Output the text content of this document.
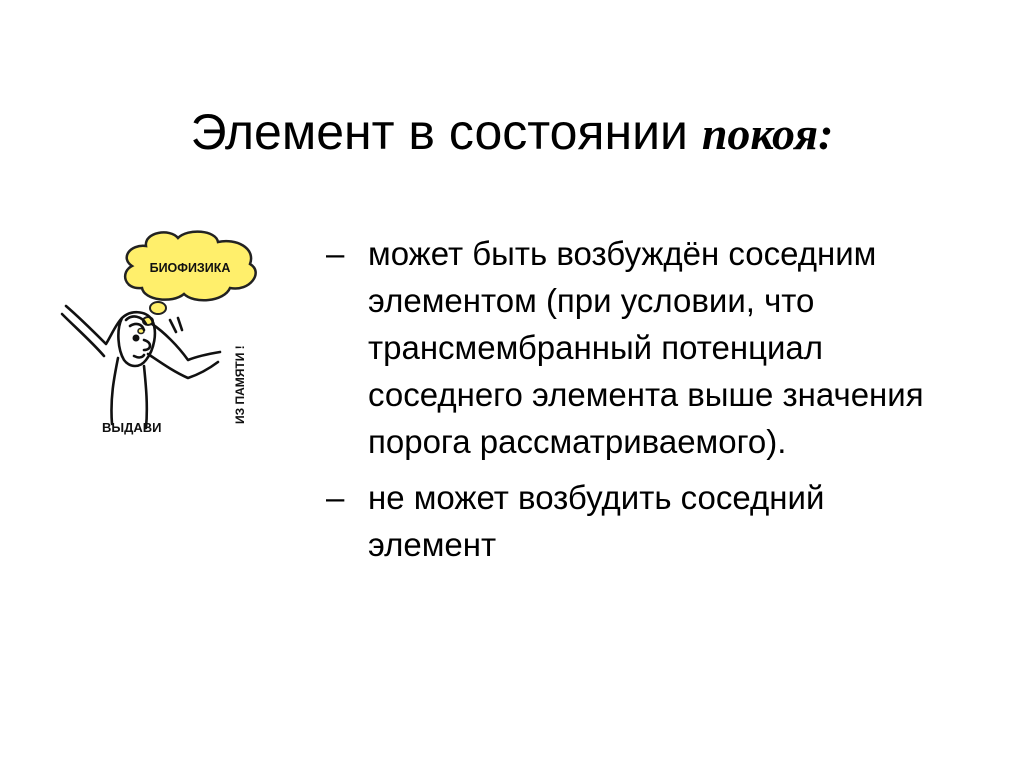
Элемент в состоянии покоя:
БИОФИЗИКА
ВЫДАВИ
ИЗ ПАМЯТИ !
– может быть возбуждён соседним элементом (при условии, что трансмембранный потенциал соседнего элемента выше значения порога рассматриваемого).
– не может возбудить соседний элемент
